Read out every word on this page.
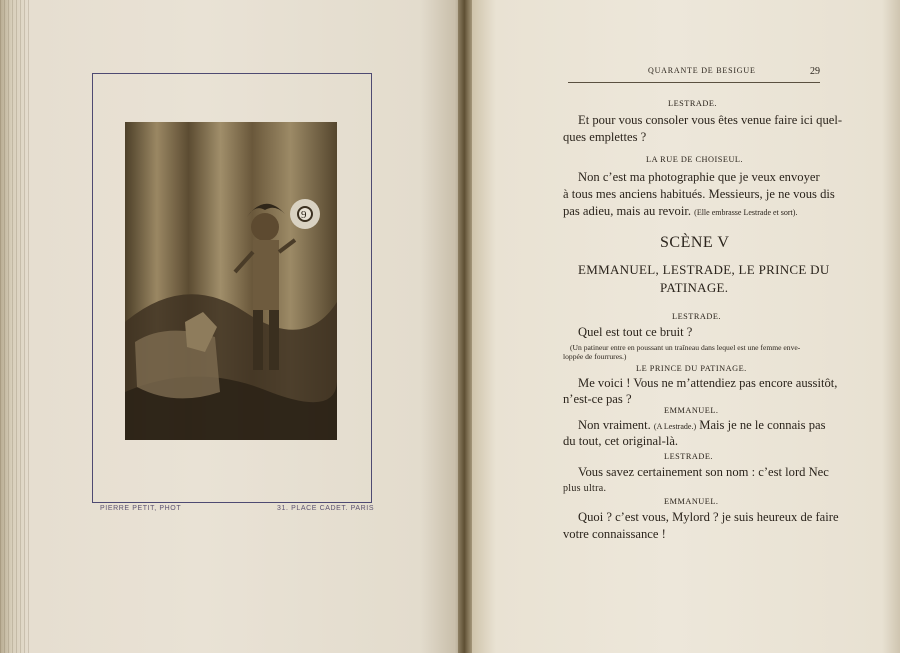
9
PIERRE PETIT, PHOT	31. PLACE CADET. PARIS
QUARANTE DE BESIGUE	29
LESTRADE.
Et pour vous consoler vous êtes venue faire ici quel-
ques emplettes ?
LA RUE DE CHOISEUL.
Non c’est ma photographie que je veux envoyer
à tous mes anciens habitués. Messieurs, je ne vous dis
pas adieu, mais au revoir. (Elle embrasse Lestrade et sort).
SCÈNE V
EMMANUEL, LESTRADE, LE PRINCE DU
PATINAGE.
LESTRADE.
Quel est tout ce bruit ?
(Un patineur entre en poussant un traîneau dans lequel est une femme enve-
loppée de fourrures.)
LE PRINCE DU PATINAGE.
Me voici ! Vous ne m’attendiez pas encore aussitôt,
n’est-ce pas ?
EMMANUEL.
Non vraiment. (A Lestrade.) Mais je ne le connais pas
du tout, cet original-là.
LESTRADE.
Vous savez certainement son nom : c’est lord Nec
plus ultra.
EMMANUEL.
Quoi ? c’est vous, Mylord ? je suis heureux de faire
votre connaissance !
